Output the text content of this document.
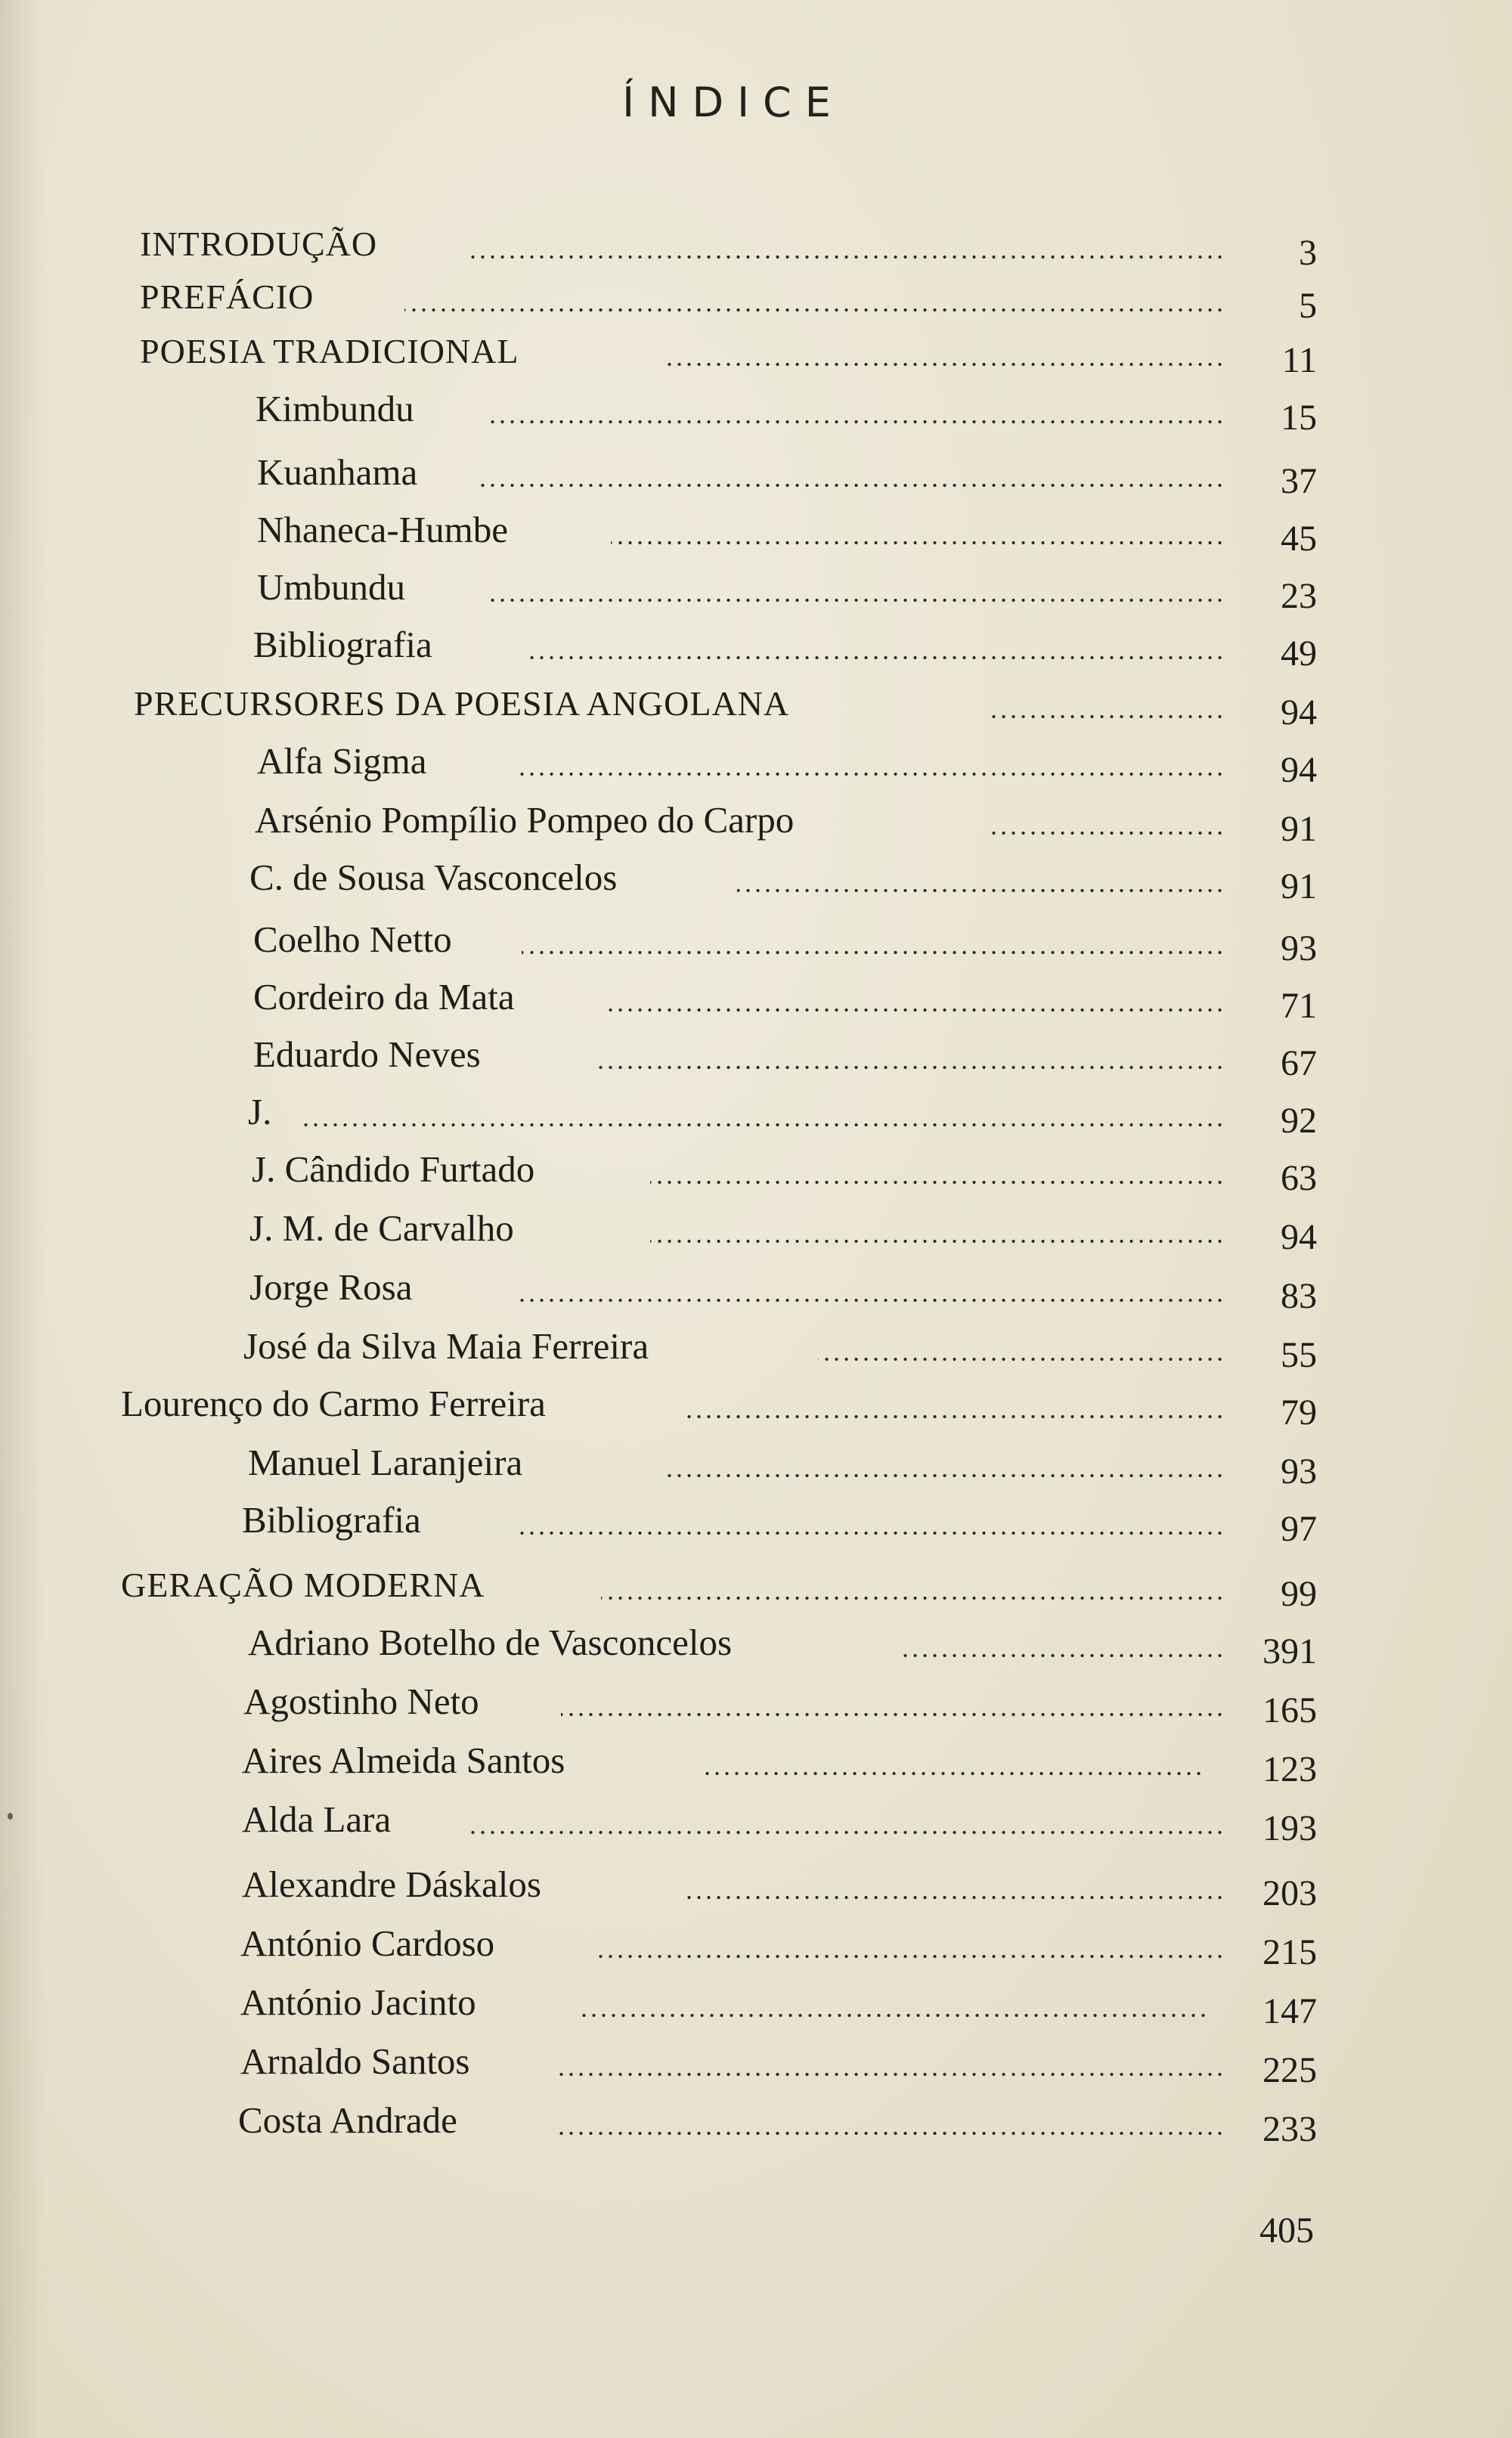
ÍNDICE
INTRODUÇÃO	3
PREFÁCIO	5
POESIA TRADICIONAL	11
Kimbundu	15
Kuanhama	37
Nhaneca-Humbe	45
Umbundu	23
Bibliografia	49
PRECURSORES DA POESIA ANGOLANA	94
Alfa Sigma	94
Arsénio Pompílio Pompeo do Carpo	91
C. de Sousa Vasconcelos	91
Coelho Netto	93
Cordeiro da Mata	71
Eduardo Neves	67
J.	92
J. Cândido Furtado	63
J. M. de Carvalho	94
Jorge Rosa	83
José da Silva Maia Ferreira	55
Lourenço do Carmo Ferreira	79
Manuel Laranjeira	93
Bibliografia	97
GERAÇÃO MODERNA	99
Adriano Botelho de Vasconcelos	391
Agostinho Neto	165
Aires Almeida Santos	123
Alda Lara	193
Alexandre Dáskalos	203
António Cardoso	215
António Jacinto	147
Arnaldo Santos	225
Costa Andrade	233
405
